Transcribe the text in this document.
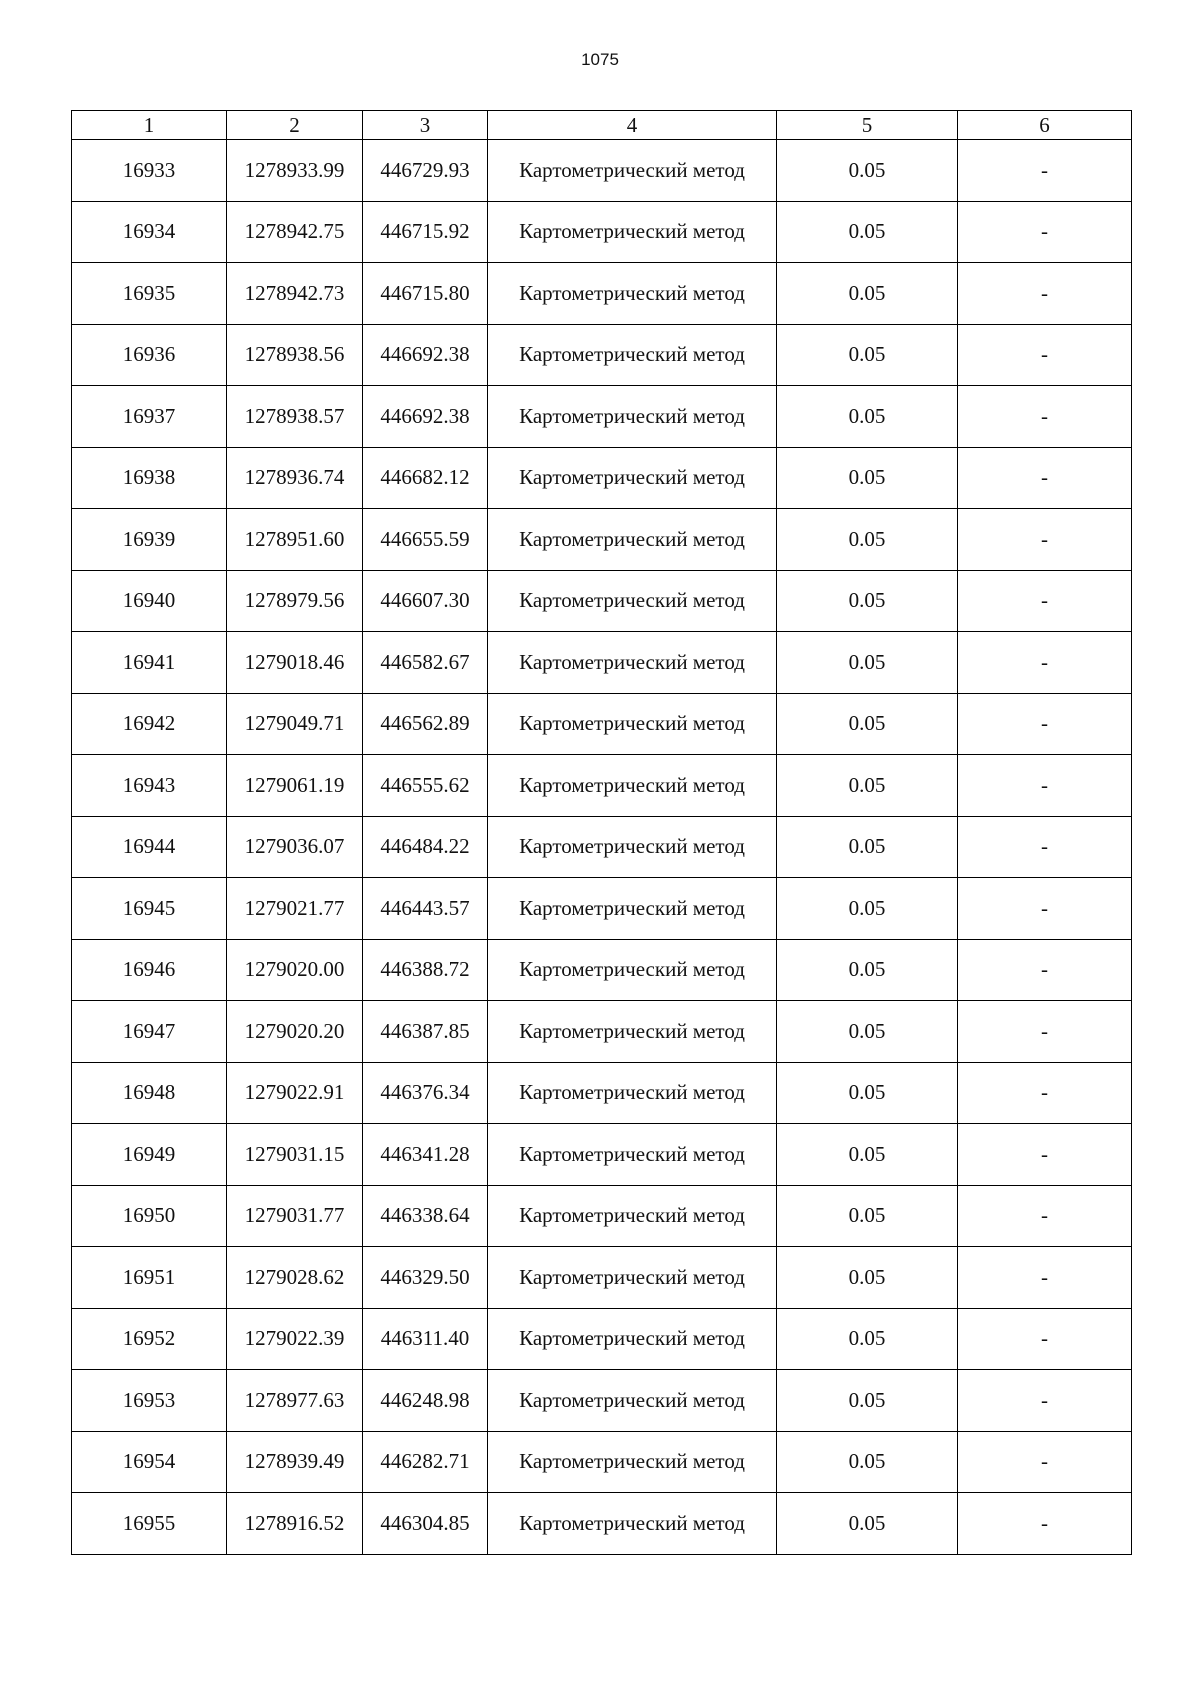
1075
1	2	3	4	5	6
16933	1278933.99	446729.93	Картометрический метод	0.05	-
16934	1278942.75	446715.92	Картометрический метод	0.05	-
16935	1278942.73	446715.80	Картометрический метод	0.05	-
16936	1278938.56	446692.38	Картометрический метод	0.05	-
16937	1278938.57	446692.38	Картометрический метод	0.05	-
16938	1278936.74	446682.12	Картометрический метод	0.05	-
16939	1278951.60	446655.59	Картометрический метод	0.05	-
16940	1278979.56	446607.30	Картометрический метод	0.05	-
16941	1279018.46	446582.67	Картометрический метод	0.05	-
16942	1279049.71	446562.89	Картометрический метод	0.05	-
16943	1279061.19	446555.62	Картометрический метод	0.05	-
16944	1279036.07	446484.22	Картометрический метод	0.05	-
16945	1279021.77	446443.57	Картометрический метод	0.05	-
16946	1279020.00	446388.72	Картометрический метод	0.05	-
16947	1279020.20	446387.85	Картометрический метод	0.05	-
16948	1279022.91	446376.34	Картометрический метод	0.05	-
16949	1279031.15	446341.28	Картометрический метод	0.05	-
16950	1279031.77	446338.64	Картометрический метод	0.05	-
16951	1279028.62	446329.50	Картометрический метод	0.05	-
16952	1279022.39	446311.40	Картометрический метод	0.05	-
16953	1278977.63	446248.98	Картометрический метод	0.05	-
16954	1278939.49	446282.71	Картометрический метод	0.05	-
16955	1278916.52	446304.85	Картометрический метод	0.05	-
